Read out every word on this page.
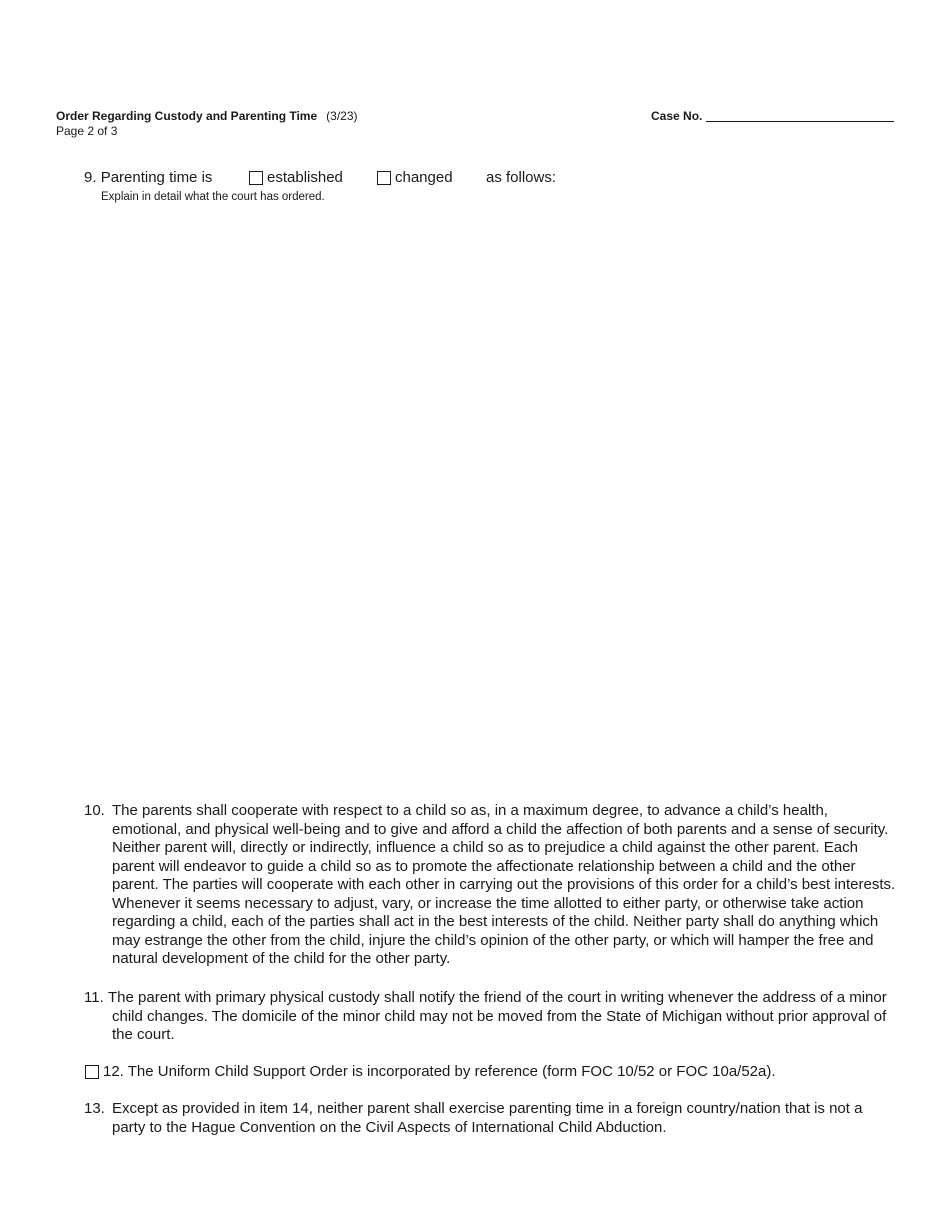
Order Regarding Custody and Parenting Time (3/23)
Page 2 of 3
Case No.
9. Parenting time is	established	changed as follows:
Explain in detail what the court has ordered.
10. The parents shall cooperate with respect to a child so as, in a maximum degree, to advance a child’s health, emotional, and physical well-being and to give and afford a child the affection of both parents and a sense of security. Neither parent will, directly or indirectly, influence a child so as to prejudice a child against the other parent. Each parent will endeavor to guide a child so as to promote the affectionate relationship between a child and the other parent. The parties will cooperate with each other in carrying out the provisions of this order for a child’s best interests. Whenever it seems necessary to adjust, vary, or increase the time allotted to either party, or otherwise take action regarding a child, each of the parties shall act in the best interests of the child. Neither party shall do anything which may estrange the other from the child, injure the child’s opinion of the other party, or which will hamper the free and natural development of the child for the other party.
11. The parent with primary physical custody shall notify the friend of the court in writing whenever the address of a minor child changes. The domicile of the minor child may not be moved from the State of Michigan without prior approval of the court.
12. The Uniform Child Support Order is incorporated by reference (form FOC 10/52 or FOC 10a/52a).
13. Except as provided in item 14, neither parent shall exercise parenting time in a foreign country/nation that is not a party to the Hague Convention on the Civil Aspects of International Child Abduction.
